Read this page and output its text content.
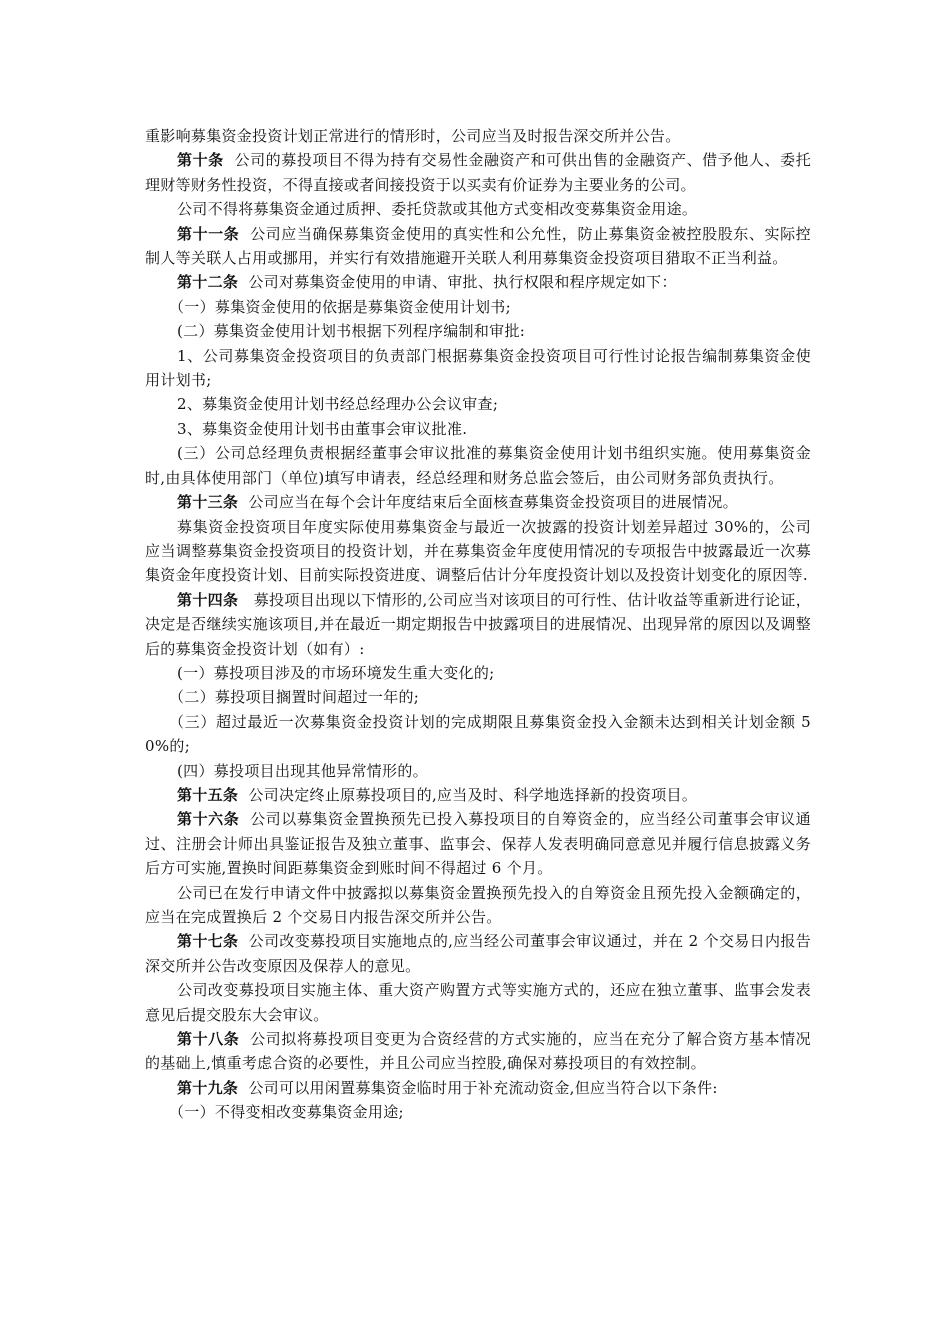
重影响募集资金投资计划正常进行的情形时，公司应当及时报告深交所并公告。

第十条  公司的募投项目不得为持有交易性金融资产和可供出售的金融资产、借予他人、委托理财等财务性投资，不得直接或者间接投资于以买卖有价证券为主要业务的公司。

公司不得将募集资金通过质押、委托贷款或其他方式变相改变募集资金用途。

第十一条  公司应当确保募集资金使用的真实性和公允性，防止募集资金被控股股东、实际控制人等关联人占用或挪用，并实行有效措施避开关联人利用募集资金投资项目猎取不正当利益。

第十二条  公司对募集资金使用的申请、审批、执行权限和程序规定如下：

（一）募集资金使用的依据是募集资金使用计划书;

(二）募集资金使用计划书根据下列程序编制和审批:

1、公司募集资金投资项目的负责部门根据募集资金投资项目可行性讨论报告编制募集资金使用计划书;

2、募集资金使用计划书经总经理办公会议审查;

3、募集资金使用计划书由董事会审议批准.

(三）公司总经理负责根据经董事会审议批准的募集资金使用计划书组织实施。使用募集资金时,由具体使用部门（单位)填写申请表，经总经理和财务总监会签后，由公司财务部负责执行。

第十三条  公司应当在每个会计年度结束后全面核查募集资金投资项目的进展情况。

募集资金投资项目年度实际使用募集资金与最近一次披露的投资计划差异超过 30%的，公司应当调整募集资金投资项目的投资计划，并在募集资金年度使用情况的专项报告中披露最近一次募集资金年度投资计划、目前实际投资进度、调整后估计分年度投资计划以及投资计划变化的原因等.

第十四条   募投项目出现以下情形的,公司应当对该项目的可行性、估计收益等重新进行论证，决定是否继续实施该项目,并在最近一期定期报告中披露项目的进展情况、出现异常的原因以及调整后的募集资金投资计划（如有）:

(一）募投项目涉及的市场环境发生重大变化的;

（二）募投项目搁置时间超过一年的;

（三）超过最近一次募集资金投资计划的完成期限且募集资金投入金额未达到相关计划金额 50%的;

(四）募投项目出现其他异常情形的。

第十五条  公司决定终止原募投项目的,应当及时、科学地选择新的投资项目。

第十六条  公司以募集资金置换预先已投入募投项目的自筹资金的，应当经公司董事会审议通过、注册会计师出具鉴证报告及独立董事、监事会、保荐人发表明确同意意见并履行信息披露义务后方可实施,置换时间距募集资金到账时间不得超过 6 个月。

公司已在发行申请文件中披露拟以募集资金置换预先投入的自筹资金且预先投入金额确定的，应当在完成置换后 2 个交易日内报告深交所并公告。

第十七条  公司改变募投项目实施地点的,应当经公司董事会审议通过，并在 2 个交易日内报告深交所并公告改变原因及保荐人的意见。

公司改变募投项目实施主体、重大资产购置方式等实施方式的，还应在独立董事、监事会发表意见后提交股东大会审议。

第十八条  公司拟将募投项目变更为合资经营的方式实施的，应当在充分了解合资方基本情况的基础上,慎重考虑合资的必要性，并且公司应当控股,确保对募投项目的有效控制。

第十九条  公司可以用闲置募集资金临时用于补充流动资金,但应当符合以下条件:

（一）不得变相改变募集资金用途;
